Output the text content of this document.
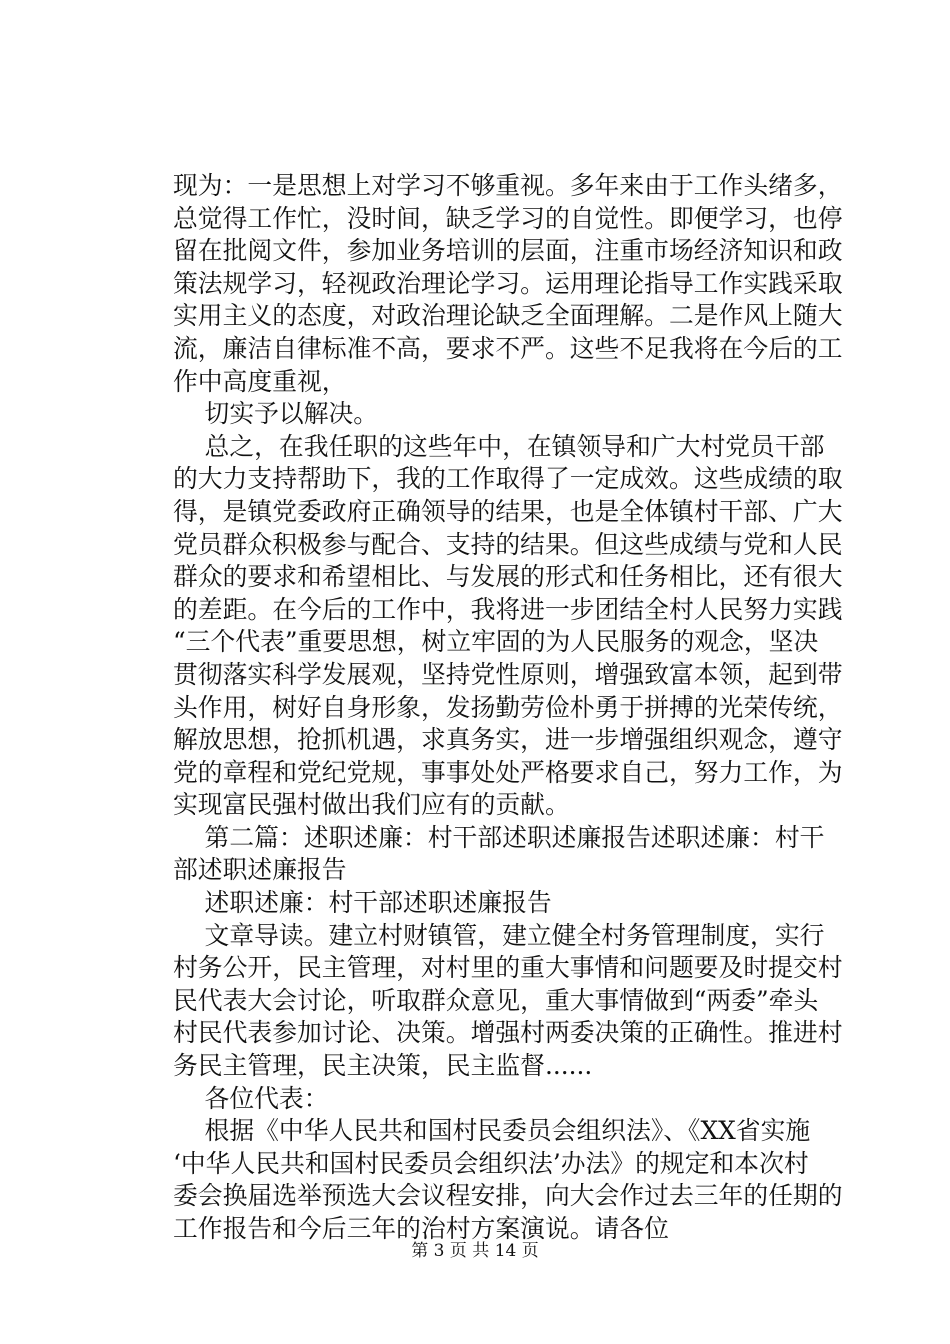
现为：一是思想上对学习不够重视。多年来由于工作头绪多，
总觉得工作忙，没时间，缺乏学习的自觉性。即便学习，也停
留在批阅文件，参加业务培训的层面，注重市场经济知识和政
策法规学习，轻视政治理论学习。运用理论指导工作实践采取
实用主义的态度，对政治理论缺乏全面理解。二是作风上随大
流，廉洁自律标准不高，要求不严。这些不足我将在今后的工
作中高度重视，
切实予以解决。
总之，在我任职的这些年中，在镇领导和广大村党员干部
的大力支持帮助下，我的工作取得了一定成效。这些成绩的取
得，是镇党委政府正确领导的结果，也是全体镇村干部、广大
党员群众积极参与配合、支持的结果。但这些成绩与党和人民
群众的要求和希望相比、与发展的形式和任务相比，还有很大
的差距。在今后的工作中，我将进一步团结全村人民努力实践
“三个代表”重要思想，树立牢固的为人民服务的观念，坚决
贯彻落实科学发展观，坚持党性原则，增强致富本领，起到带
头作用，树好自身形象，发扬勤劳俭朴勇于拼搏的光荣传统，
解放思想，抢抓机遇，求真务实，进一步增强组织观念，遵守
党的章程和党纪党规，事事处处严格要求自己，努力工作，为
实现富民强村做出我们应有的贡献。
第二篇：述职述廉：村干部述职述廉报告述职述廉：村干
部述职述廉报告
述职述廉：村干部述职述廉报告
文章导读。建立村财镇管，建立健全村务管理制度，实行
村务公开，民主管理，对村里的重大事情和问题要及时提交村
民代表大会讨论，听取群众意见，重大事情做到“两委”牵头
村民代表参加讨论、决策。增强村两委决策的正确性。推进村
务民主管理，民主决策，民主监督......
各位代表：
根据《中华人民共和国村民委员会组织法》、《XX省实施
‘中华人民共和国村民委员会组织法’办法》的规定和本次村
委会换届选举预选大会议程安排，向大会作过去三年的任期的
工作报告和今后三年的治村方案演说。请各位
第 3 页 共 14 页
